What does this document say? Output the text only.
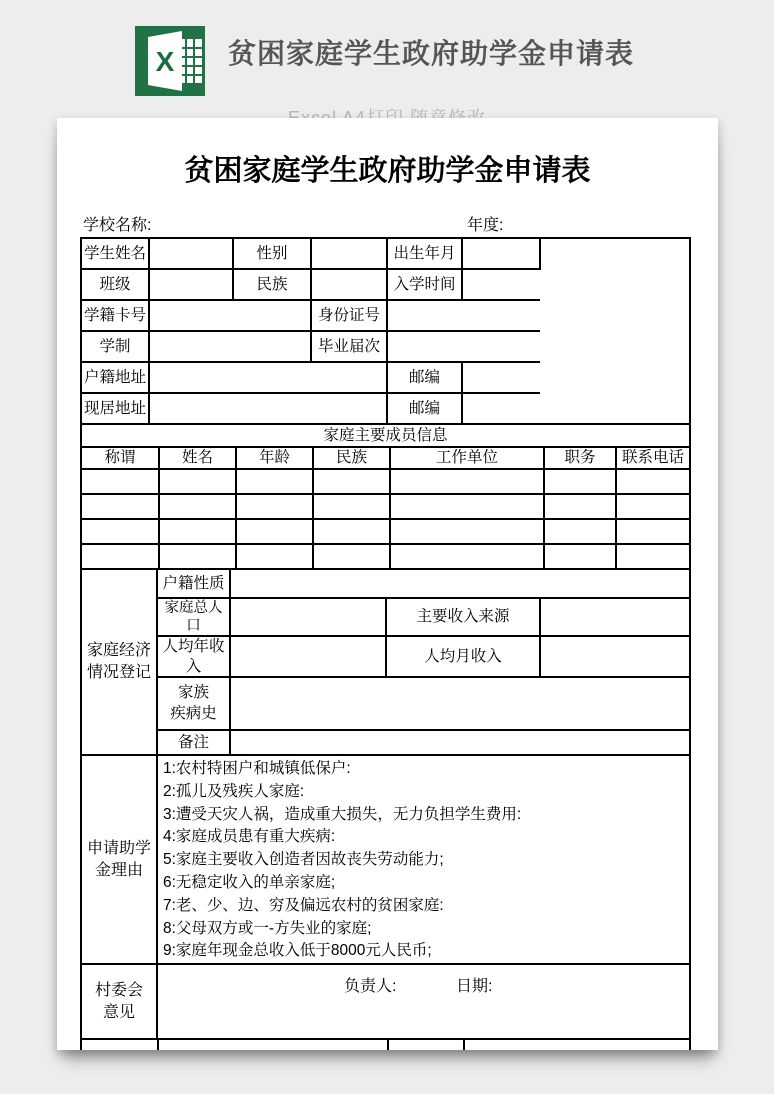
X 贫困家庭学生政府助学金申请表
贫困家庭学生政府助学金申请表
学校名称:	年度:
学生姓名		性别		出生年月		
班级		民族		入学时间		
学籍卡号			身份证号			
学制			毕业届次			
户籍地址				邮编		
现居地址				邮编		
家庭主要成员信息						
称谓	姓名	年龄	民族	工作单位	职务	联系电话

家庭经济
情况登记	户籍性质			
	家庭总人口		主要收入来源	
	人均年收入		人均月收入	

	家族
疾病史			

	备注			
申请助学
金理由

1:农村特困户和城镇低保户:
2:孤儿及残疾人家庭:
3:遭受天灾人祸，造成重大损失，无力负担学生费用:
4:家庭成员患有重大疾病:
5:家庭主要收入创造者因故丧失劳动能力;
6:无稳定收入的单亲家庭;
7:老、少、边、穷及偏远农村的贫困家庭:
8:父母双方或一-方失业的家庭;
9:家庭年现金总收入低于8000元人民币;
村委会
意见

负责人:	日期:
